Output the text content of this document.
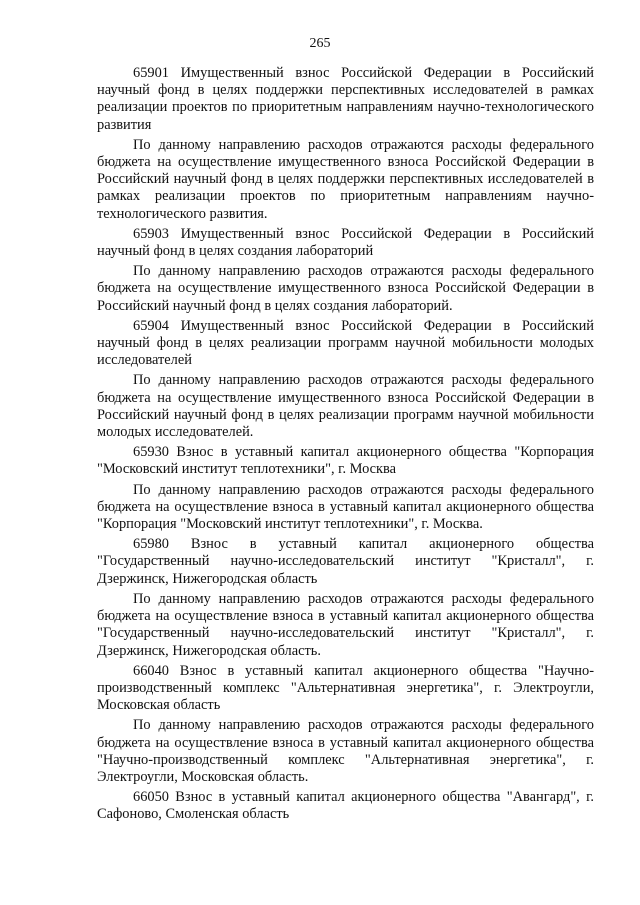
265

65901 Имущественный взнос Российской Федерации в Российский научный фонд в целях поддержки перспективных исследователей в рамках реализации проектов по приоритетным направлениям научно-технологического развития

По данному направлению расходов отражаются расходы федерального бюджета на осуществление имущественного взноса Российской Федерации в Российский научный фонд в целях поддержки перспективных исследователей в рамках реализации проектов по приоритетным направлениям научно-технологического развития.

65903 Имущественный взнос Российской Федерации в Российский научный фонд в целях создания лабораторий

По данному направлению расходов отражаются расходы федерального бюджета на осуществление имущественного взноса Российской Федерации в Российский научный фонд в целях создания лабораторий.

65904 Имущественный взнос Российской Федерации в Российский научный фонд в целях реализации программ научной мобильности молодых исследователей

По данному направлению расходов отражаются расходы федерального бюджета на осуществление имущественного взноса Российской Федерации в Российский научный фонд в целях реализации программ научной мобильности молодых исследователей.

65930 Взнос в уставный капитал акционерного общества "Корпорация "Московский институт теплотехники", г. Москва

По данному направлению расходов отражаются расходы федерального бюджета на осуществление взноса в уставный капитал акционерного общества "Корпорация "Московский институт теплотехники", г. Москва.

65980 Взнос в уставный капитал акционерного общества "Государственный научно-исследовательский институт "Кристалл", г. Дзержинск, Нижегородская область

По данному направлению расходов отражаются расходы федерального бюджета на осуществление взноса в уставный капитал акционерного общества "Государственный научно-исследовательский институт "Кристалл", г. Дзержинск, Нижегородская область.

66040 Взнос в уставный капитал акционерного общества "Научно-производственный комплекс "Альтернативная энергетика", г. Электроугли, Московская область

По данному направлению расходов отражаются расходы федерального бюджета на осуществление взноса в уставный капитал акционерного общества "Научно-производственный комплекс "Альтернативная энергетика", г. Электроугли, Московская область.

66050 Взнос в уставный капитал акционерного общества "Авангард", г. Сафоново, Смоленская область
